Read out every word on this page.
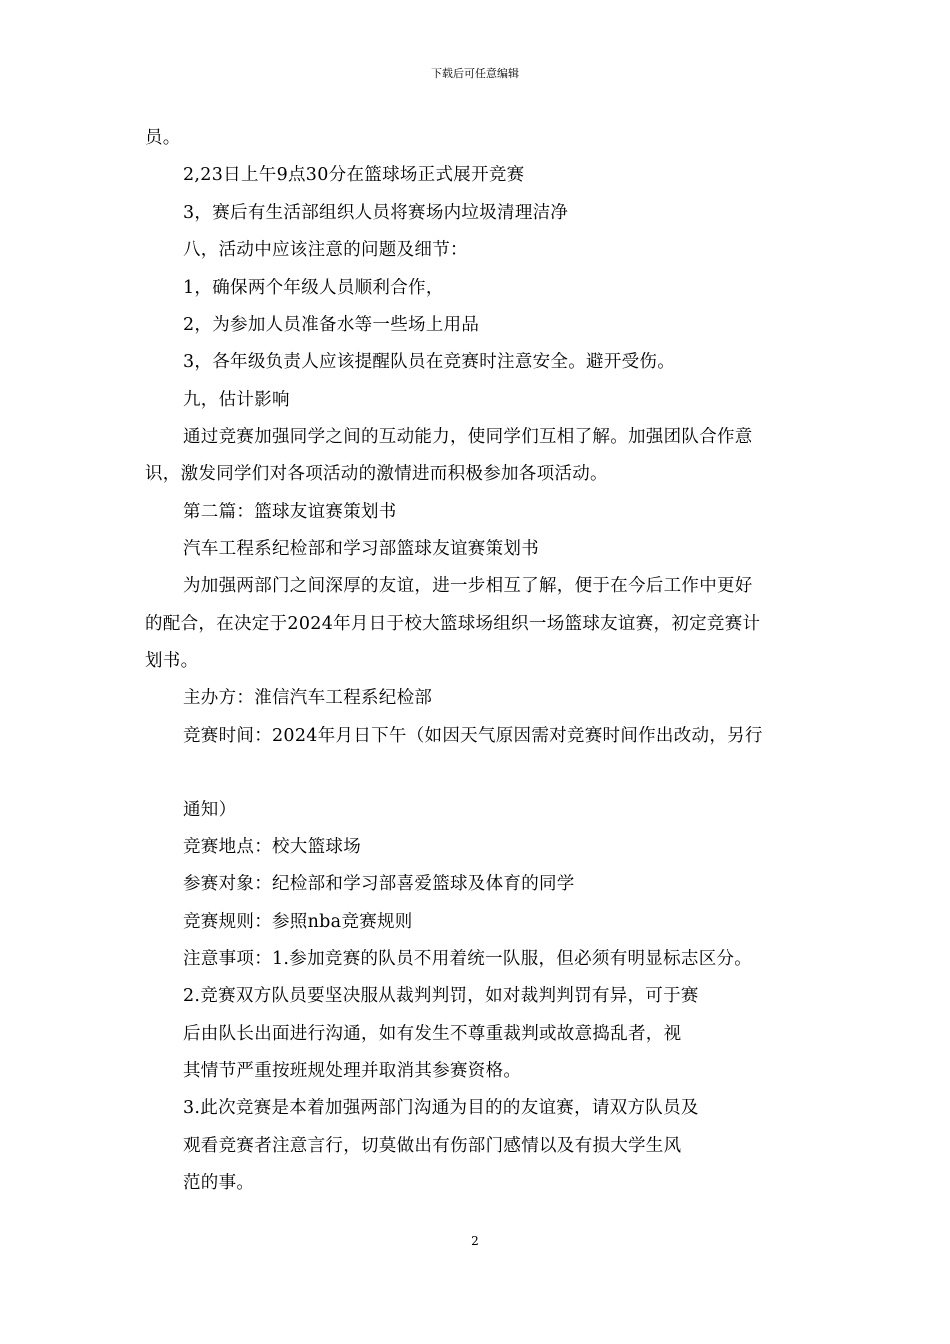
下载后可任意编辑
员。
2,23日上午9点30分在篮球场正式展开竞赛
3，赛后有生活部组织人员将赛场内垃圾清理洁净
八，活动中应该注意的问题及细节：
1，确保两个年级人员顺利合作，
2，为参加人员准备水等一些场上用品
3，各年级负责人应该提醒队员在竞赛时注意安全。避开受伤。
九，估计影响
通过竞赛加强同学之间的互动能力，使同学们互相了解。加强团队合作意
识，激发同学们对各项活动的激情进而积极参加各项活动。
第二篇：篮球友谊赛策划书
汽车工程系纪检部和学习部篮球友谊赛策划书
为加强两部门之间深厚的友谊，进一步相互了解，便于在今后工作中更好
的配合，在决定于2024年月日于校大篮球场组织一场篮球友谊赛，初定竞赛计
划书。
主办方：淮信汽车工程系纪检部
竞赛时间：2024年月日下午（如因天气原因需对竞赛时间作出改动，另行
通知）
竞赛地点：校大篮球场
参赛对象：纪检部和学习部喜爱篮球及体育的同学
竞赛规则：参照nba竞赛规则
注意事项：1.参加竞赛的队员不用着统一队服，但必须有明显标志区分。
2.竞赛双方队员要坚决服从裁判判罚，如对裁判判罚有异，可于赛
后由队长出面进行沟通，如有发生不尊重裁判或故意捣乱者，视
其情节严重按班规处理并取消其参赛资格。
3.此次竞赛是本着加强两部门沟通为目的的友谊赛，请双方队员及
观看竞赛者注意言行，切莫做出有伤部门感情以及有损大学生风
范的事。
2
